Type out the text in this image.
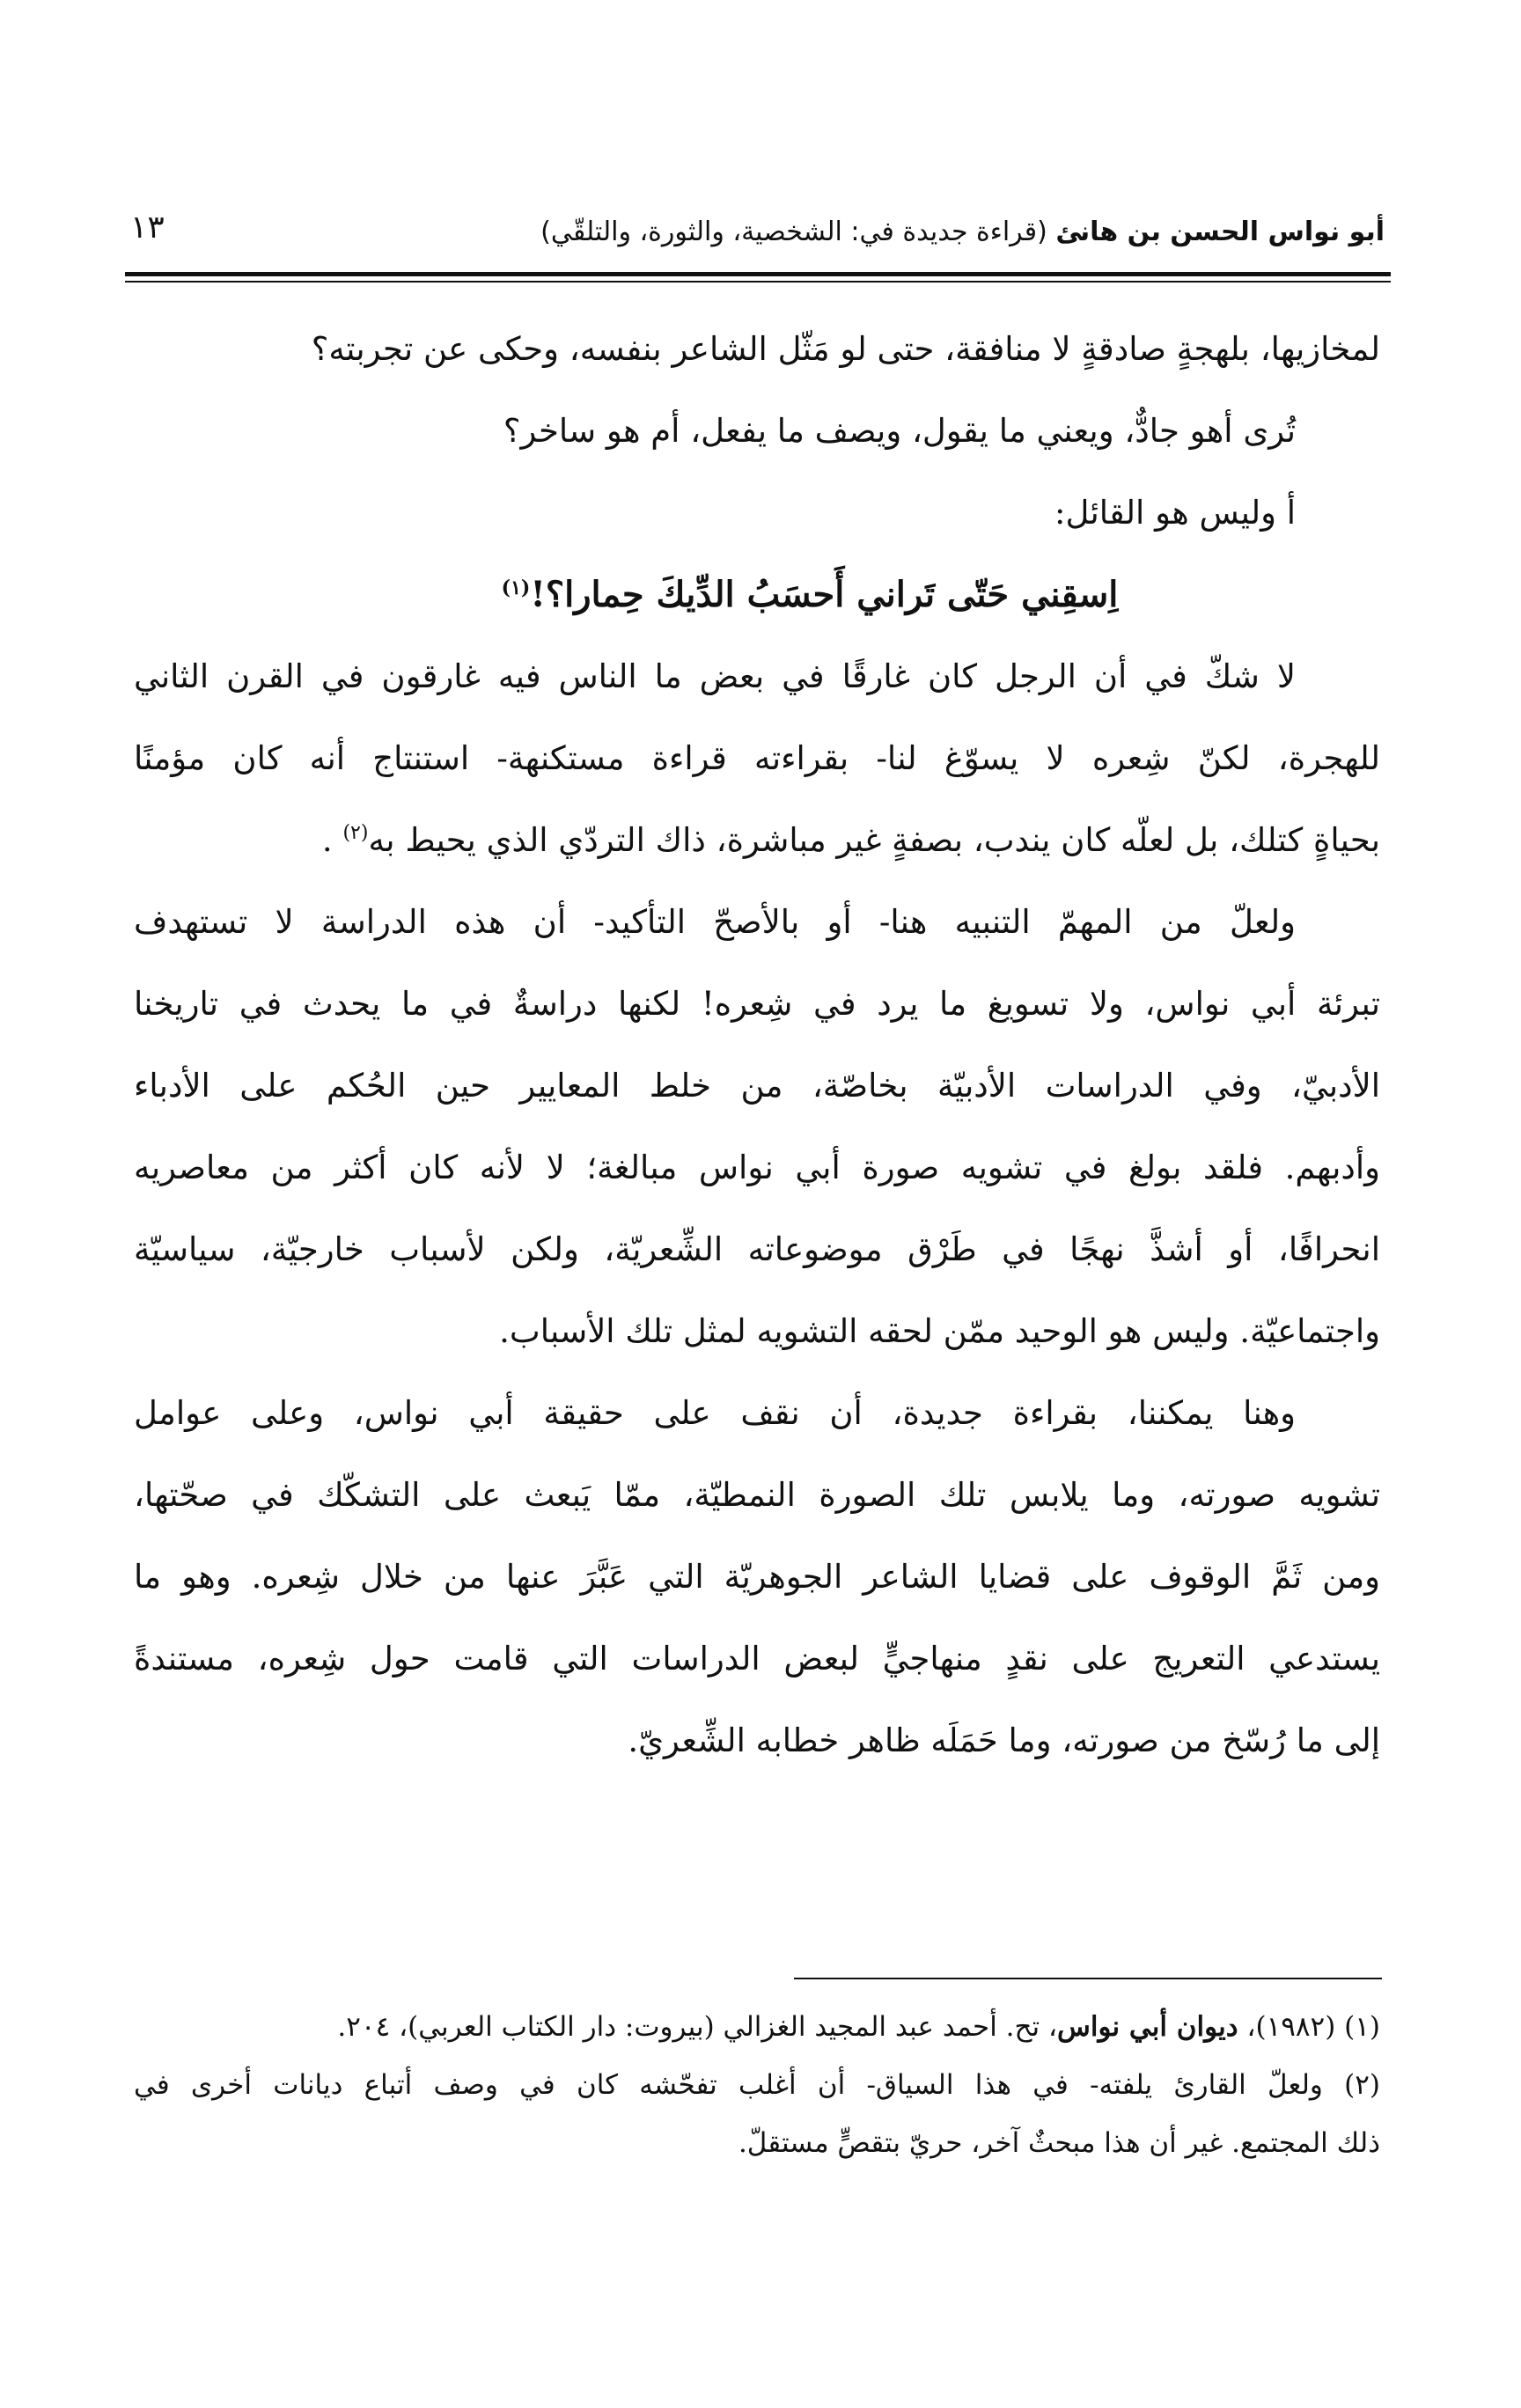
أبو نواس الحسن بن هانئ (قراءة جديدة في: الشخصية، والثورة، والتلقّي)
١٣

لمخازيها، بلهجةٍ صادقةٍ لا منافقة، حتى لو مَثّل الشاعر بنفسه، وحكى عن تجربته؟

تُرى أهو جادٌّ، ويعني ما يقول، ويصف ما يفعل، أم هو ساخر؟
أ وليس هو القائل:

اِسقِني حَتّى تَراني أَحسَبُ الدِّيكَ حِمارا؟!$^{(١)}$

لا شكّ في أن الرجل كان غارقًا في بعض ما الناس فيه غارقون في القرن الثاني
للهجرة، لكنّ شِعره لا يسوّغ لنا- بقراءته قراءة مستكنهة- استنتاج أنه كان مؤمنًا
بحياةٍ كتلك، بل لعلّه كان يندب، بصفةٍ غير مباشرة، ذاك التردّي الذي يحيط به$^{(٢)}$ .

ولعلّ من المهمّ التنبيه هنا- أو بالأصحّ التأكيد- أن هذه الدراسة لا تستهدف
تبرئة أبي نواس، ولا تسويغ ما يرد في شِعره! لكنها دراسةٌ في ما يحدث في تاريخنا
الأدبيّ، وفي الدراسات الأدبيّة بخاصّة، من خلط المعايير حين الحُكم على الأدباء
وأدبهم. فلقد بولغ في تشويه صورة أبي نواس مبالغة؛ لا لأنه كان أكثر من معاصريه
انحرافًا، أو أشذَّ نهجًا في طَرْق موضوعاته الشِّعريّة، ولكن لأسباب خارجيّة، سياسيّة
واجتماعيّة. وليس هو الوحيد ممّن لحقه التشويه لمثل تلك الأسباب.

وهنا يمكننا، بقراءة جديدة، أن نقف على حقيقة أبي نواس، وعلى عوامل
تشويه صورته، وما يلابس تلك الصورة النمطيّة، ممّا يَبعث على التشكّك في صحّتها،
ومن ثَمَّ الوقوف على قضايا الشاعر الجوهريّة التي عَبَّرَ عنها من خلال شِعره. وهو ما
يستدعي التعريج على نقدٍ منهاجيٍّ لبعض الدراسات التي قامت حول شِعره، مستندةً
إلى ما رُسّخ من صورته، وما حَمَلَه ظاهر خطابه الشِّعريّ.

(١) (١٩٨٢)، ديوان أبي نواس، تح. أحمد عبد المجيد الغزالي (بيروت: دار الكتاب العربي)، ٢٠٤.
(٢) ولعلّ القارئ يلفته- في هذا السياق- أن أغلب تفحّشه كان في وصف أتباع ديانات أخرى في
ذلك المجتمع. غير أن هذا مبحثٌ آخر، حريّ بتقصٍّ مستقلّ.
